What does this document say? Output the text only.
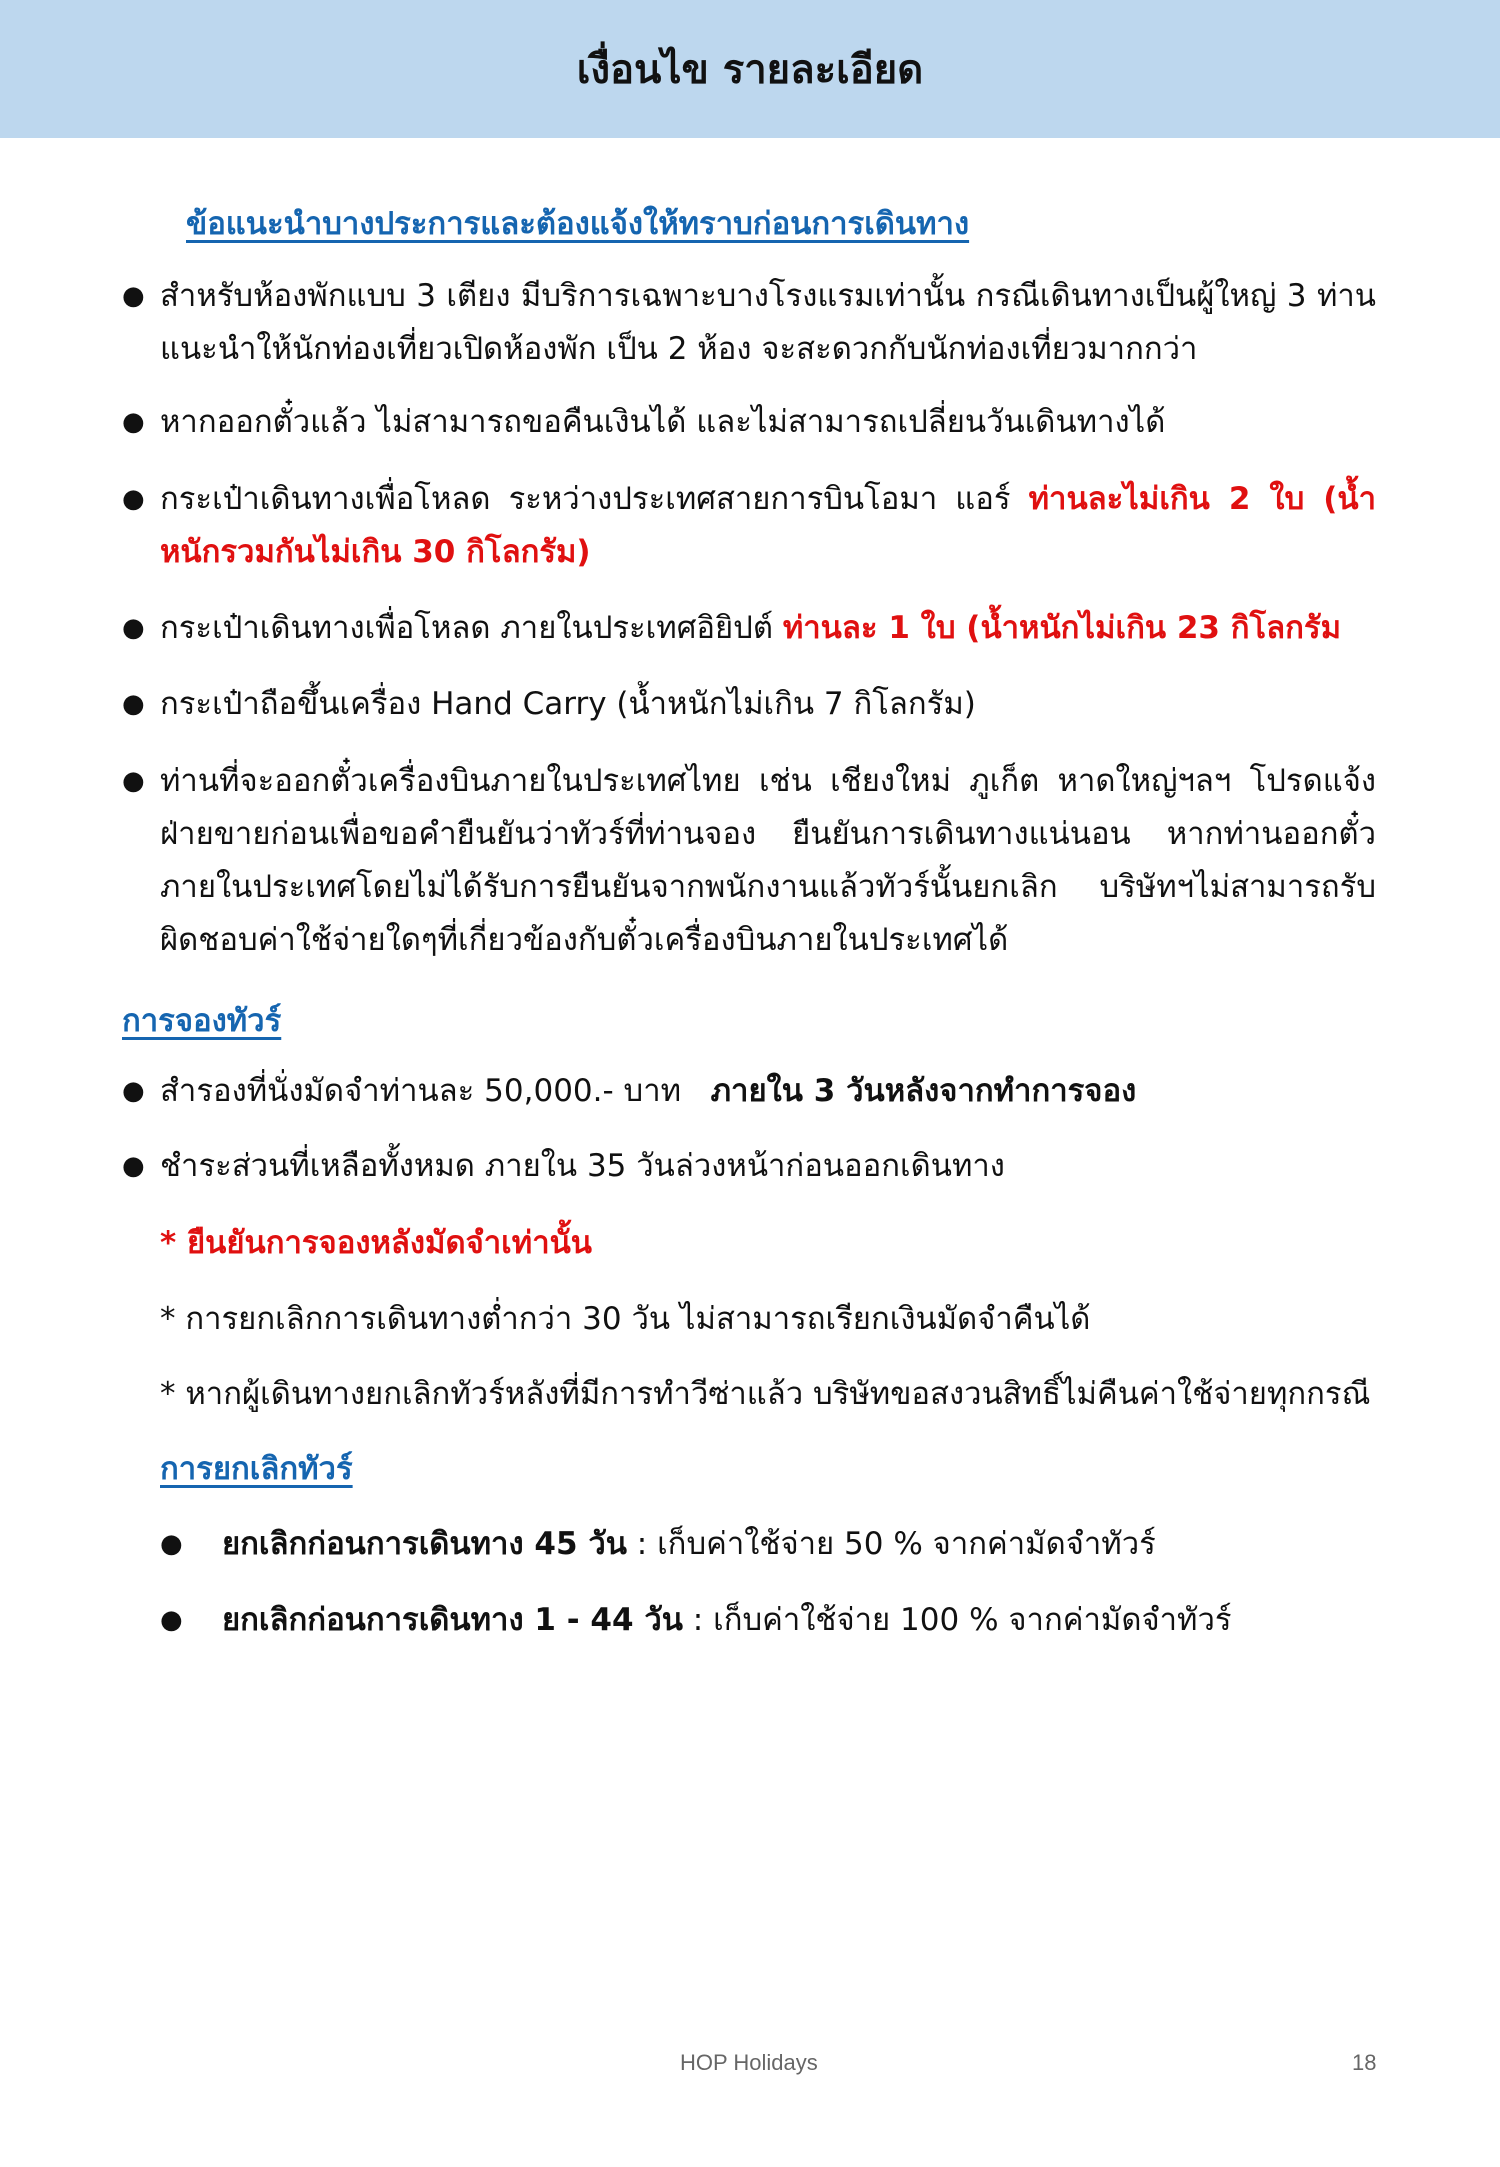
เงื่อนไข รายละเอียด
ข้อแนะนำบางประการและต้องแจ้งให้ทราบก่อนการเดินทาง
● สำหรับห้องพักแบบ 3 เตียง มีบริการเฉพาะบางโรงแรมเท่านั้น กรณีเดินทางเป็นผู้ใหญ่ 3 ท่าน แนะนำให้นักท่องเที่ยวเปิดห้องพัก เป็น 2 ห้อง จะสะดวกกับนักท่องเที่ยวมากกว่า
● หากออกตั๋วแล้ว ไม่สามารถขอคืนเงินได้ และไม่สามารถเปลี่ยนวันเดินทางได้
● กระเป๋าเดินทางเพื่อโหลด ระหว่างประเทศสายการบินโอมา แอร์ ท่านละไม่เกิน 2 ใบ (น้ำหนักรวมกันไม่เกิน 30 กิโลกรัม)
● กระเป๋าเดินทางเพื่อโหลด ภายในประเทศอิยิปต์ ท่านละ 1 ใบ (น้ำหนักไม่เกิน 23 กิโลกรัม
● กระเป๋าถือขึ้นเครื่อง Hand Carry (น้ำหนักไม่เกิน 7 กิโลกรัม)
● ท่านที่จะออกตั๋วเครื่องบินภายในประเทศไทย เช่น เชียงใหม่ ภูเก็ต หาดใหญ่ฯลฯ โปรดแจ้งฝ่ายขายก่อนเพื่อขอคำยืนยันว่าทัวร์ที่ท่านจอง ยืนยันการเดินทางแน่นอน หากท่านออกตั๋วภายในประเทศโดยไม่ได้รับการยืนยันจากพนักงานแล้วทัวร์นั้นยกเลิก บริษัทฯไม่สามารถรับผิดชอบค่าใช้จ่ายใดๆที่เกี่ยวข้องกับตั๋วเครื่องบินภายในประเทศได้
การจองทัวร์
● สำรองที่นั่งมัดจำท่านละ 50,000.- บาท ภายใน 3 วันหลังจากทำการจอง
● ชำระส่วนที่เหลือทั้งหมด ภายใน 35 วันล่วงหน้าก่อนออกเดินทาง
* ยืนยันการจองหลังมัดจำเท่านั้น
* การยกเลิกการเดินทางต่ำกว่า 30 วัน ไม่สามารถเรียกเงินมัดจำคืนได้
* หากผู้เดินทางยกเลิกทัวร์หลังที่มีการทำวีซ่าแล้ว บริษัทขอสงวนสิทธิ์ไม่คืนค่าใช้จ่ายทุกกรณี
การยกเลิกทัวร์
● ยกเลิกก่อนการเดินทาง 45 วัน : เก็บค่าใช้จ่าย 50 % จากค่ามัดจำทัวร์
● ยกเลิกก่อนการเดินทาง 1 - 44 วัน : เก็บค่าใช้จ่าย 100 % จากค่ามัดจำทัวร์
HOP Holidays	18
